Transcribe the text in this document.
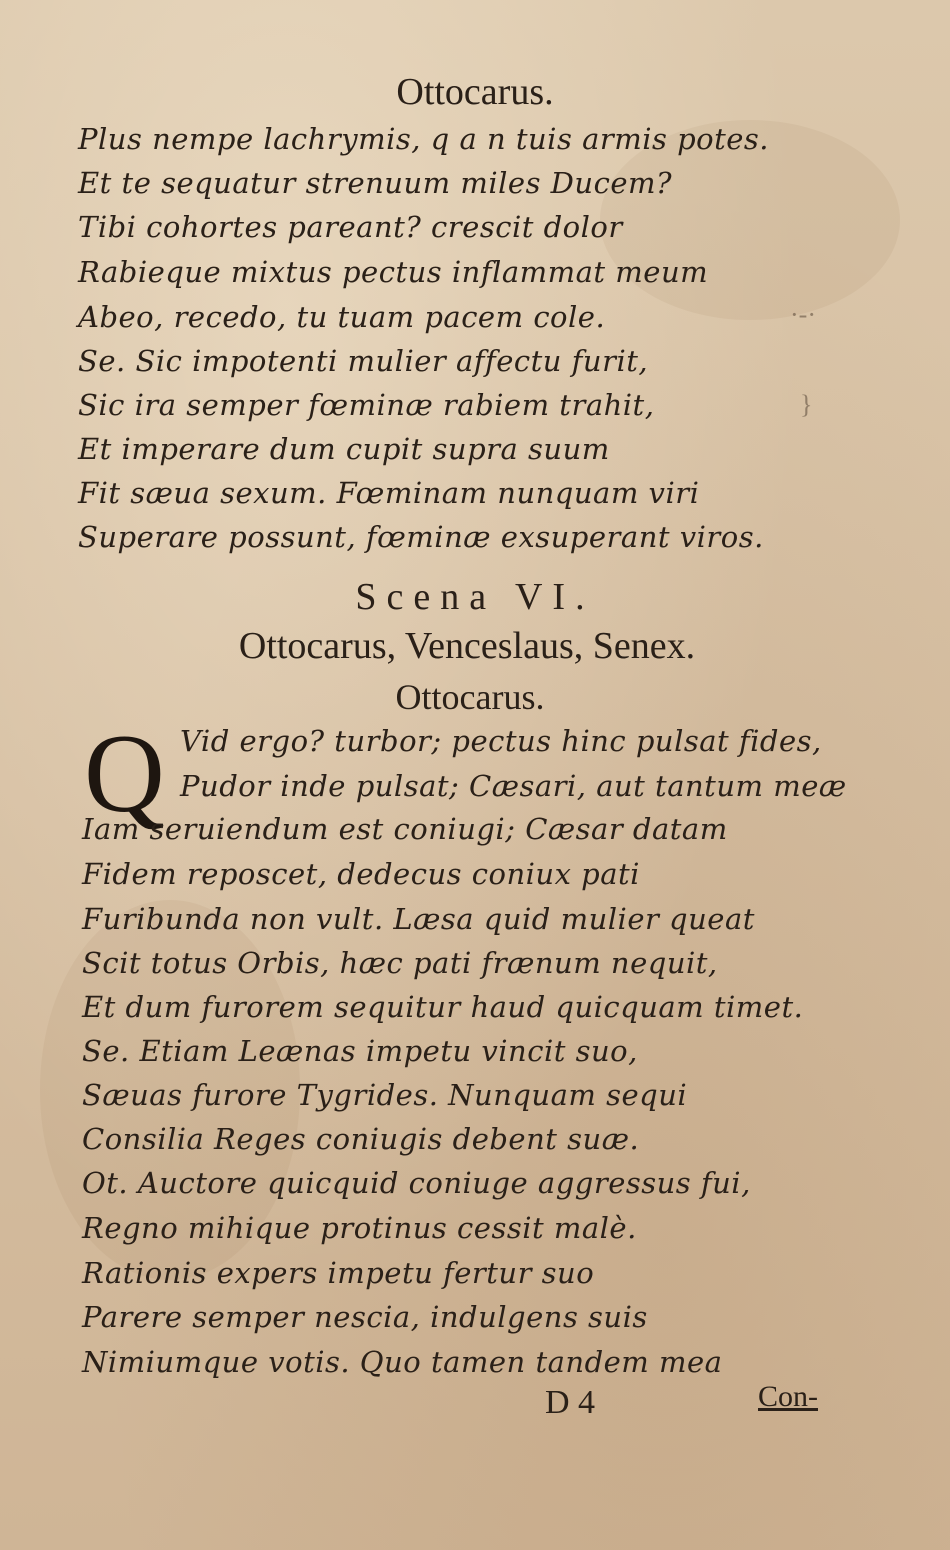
·-·
}
Ottocarus.
Plus nempe lachrymis, q a n tuis armis potes.
Et te sequatur strenuum miles Ducem?
Tibi cohortes pareant? crescit dolor
Rabieque mixtus pectus inflammat meum
Abeo, recedo, tu tuam pacem cole.
Se. Sic impotenti mulier affectu furit,
Sic ira semper fœminæ rabiem trahit,
Et imperare dum cupit supra suum
Fit sæua sexum. Fœminam nunquam viri
Superare possunt, fœminæ exsuperant viros.
Scena VI.
Ottocarus, Venceslaus, Senex.
Ottocarus.
Q Vid ergo? turbor; pectus hinc pulsat fides,
Pudor inde pulsat; Cæsari, aut tantum meæ
Iam seruiendum est coniugi; Cæsar datam
Fidem reposcet, dedecus coniux pati
Furibunda non vult. Læsa quid mulier queat
Scit totus Orbis, hæc pati frænum nequit,
Et dum furorem sequitur haud quicquam timet.
Se. Etiam Leænas impetu vincit suo,
Sæuas furore Tygrides. Nunquam sequi
Consilia Reges coniugis debent suæ.
Ot. Auctore quicquid coniuge aggressus fui,
Regno mihique protinus cessit malè.
Rationis expers impetu fertur suo
Parere semper nescia, indulgens suis
Nimiumque votis. Quo tamen tandem mea
D 4	Con-
